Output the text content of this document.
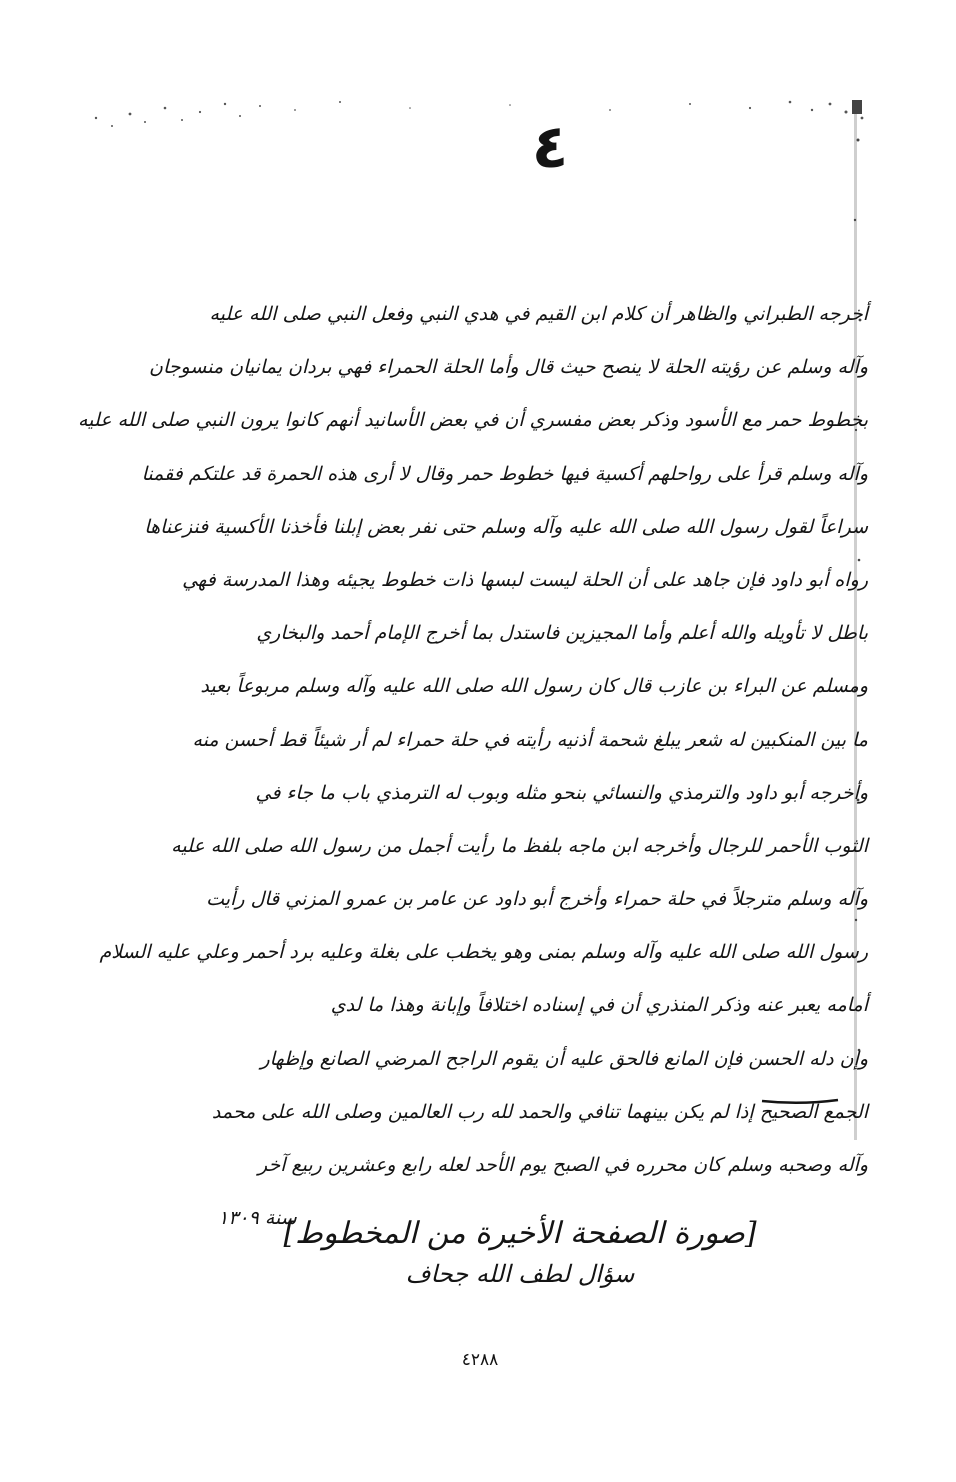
٤
أخرجه الطبراني والظاهر أن كلام ابن القيم في هدي النبي وفعل النبي صلى الله عليه
وآله وسلم عن رؤيته الحلة لا ينصح حيث قال وأما الحلة الحمراء فهي بردان يمانيان منسوجان
بخطوط حمر مع الأسود وذكر بعض مفسري أن في بعض الأسانيد أنهم كانوا يرون النبي صلى الله عليه
وآله وسلم قرأ على رواحلهم أكسية فيها خطوط حمر وقال لا أرى هذه الحمرة قد علتكم فقمنا
سراعاً لقول رسول الله صلى الله عليه وآله وسلم حتى نفر بعض إبلنا فأخذنا الأكسية فنزعناها
رواه أبو داود فإن جاهد على أن الحلة ليست لبسها ذات خطوط يجيئه وهذا المدرسة فهي
باطل لا تأويله والله أعلم وأما المجيزين فاستدل بما أخرج الإمام أحمد والبخاري
ومسلم عن البراء بن عازب قال كان رسول الله صلى الله عليه وآله وسلم مربوعاً بعيد
ما بين المنكبين له شعر يبلغ شحمة أذنيه رأيته في حلة حمراء لم أر شيئاً قط أحسن منه
وأخرجه أبو داود والترمذي والنسائي بنحو مثله وبوب له الترمذي باب ما جاء في
الثوب الأحمر للرجال وأخرجه ابن ماجه بلفظ ما رأيت أجمل من رسول الله صلى الله عليه
وآله وسلم مترجلاً في حلة حمراء وأخرج أبو داود عن عامر بن عمرو المزني قال رأيت
رسول الله صلى الله عليه وآله وسلم بمنى وهو يخطب على بغلة وعليه برد أحمر وعلي عليه السلام
أمامه يعبر عنه وذكر المنذري أن في إسناده اختلافاً وإبانة وهذا ما لدي
وإن دله الحسن فإن المانع فالحق عليه أن يقوم الراجح المرضي الصانع وإظهار
الجمع الصحيح إذا لم يكن بينهما تنافي والحمد لله رب العالمين وصلى الله على محمد
وآله وصحبه وسلم كان محرره في الصبح يوم الأحد لعله رابع وعشرين ربيع آخر
سنة ١٣٠٩
[صورة الصفحة الأخيرة من المخطوط]
سؤال لطف الله جحاف
٤٢٨٨
